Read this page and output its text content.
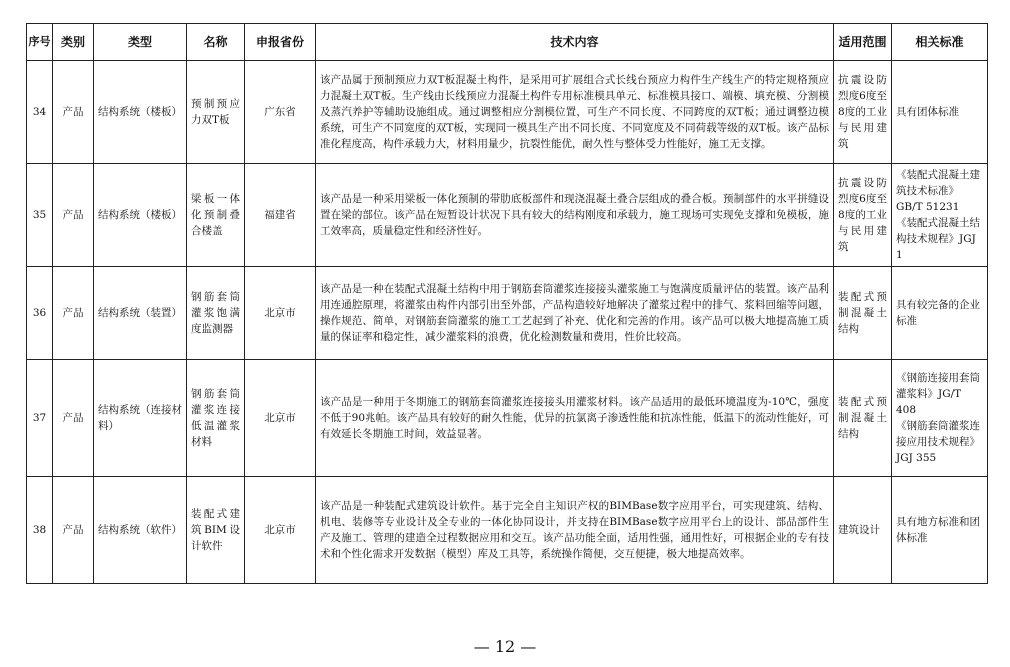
序号	类别	类型	名称	申报省份	技术内容	适用范围	相关标准
34	产品	结构系统（楼板）	预制预应力双T板	广东省	该产品属于预制预应力双T板混凝土构件，是采用可扩展组合式长线台预应力构件生产线生产的特定规格预应力混凝土双T板。生产线由长线预应力混凝土构件专用标准模具单元、标准模具接口、端模、填充模、分割模及蒸汽养护等辅助设施组成。通过调整相应分割模位置，可生产不同长度、不同跨度的双T板；通过调整边模系统，可生产不同宽度的双T板，实现同一模具生产出不同长度、不同宽度及不同荷载等级的双T板。该产品标准化程度高，构件承载力大，材料用量少，抗裂性能优，耐久性与整体受力性能好，施工无支撑。	抗震设防烈度6度至8度的工业与民用建筑	具有团体标准
35	产品	结构系统（楼板）	梁板一体化预制叠合楼盖	福建省	该产品是一种采用梁板一体化预制的带肋底板部件和现浇混凝土叠合层组成的叠合板。预制部件的水平拼缝设置在梁的部位。该产品在短暂设计状况下具有较大的结构刚度和承载力，施工现场可实现免支撑和免模板，施工效率高，质量稳定性和经济性好。	抗震设防烈度6度至8度的工业与民用建筑	《装配式混凝土建筑技术标准》GB/T 51231
《装配式混凝土结构技术规程》JGJ 1
36	产品	结构系统（装置）	钢筋套筒灌浆饱满度监测器	北京市	该产品是一种在装配式混凝土结构中用于钢筋套筒灌浆连接接头灌浆施工与饱满度质量评估的装置。该产品利用连通腔原理，将灌浆由构件内部引出至外部，产品构造较好地解决了灌浆过程中的排气、浆料回缩等问题，操作规范、简单，对钢筋套筒灌浆的施工工艺起到了补充、优化和完善的作用。该产品可以极大地提高施工质量的保证率和稳定性，减少灌浆料的浪费，优化检测数量和费用，性价比较高。	装配式预制混凝土结构	具有较完备的企业标准
37	产品	结构系统（连接材料）	钢筋套筒灌浆连接低温灌浆材料	北京市	该产品是一种用于冬期施工的钢筋套筒灌浆连接接头用灌浆材料。该产品适用的最低环境温度为-10℃，强度不低于90兆帕。该产品具有较好的耐久性能，优异的抗氯离子渗透性能和抗冻性能，低温下的流动性能好，可有效延长冬期施工时间，效益显著。	装配式预制混凝土结构	《钢筋连接用套筒灌浆料》JG/T 408
《钢筋套筒灌浆连接应用技术规程》JGJ 355
38	产品	结构系统（软件）	装配式建筑BIM设计软件	北京市	该产品是一种装配式建筑设计软件。基于完全自主知识产权的BIMBase数字应用平台，可实现建筑、结构、机电、装修等专业设计及全专业的一体化协同设计，并支持在BIMBase数字应用平台上的设计、部品部件生产及施工、管理的建造全过程数据应用和交互。该产品功能全面，适用性强，通用性好，可根据企业的专有技术和个性化需求开发数据（模型）库及工具等，系统操作简便，交互便捷，极大地提高效率。	建筑设计	具有地方标准和团体标准
— 12 —
